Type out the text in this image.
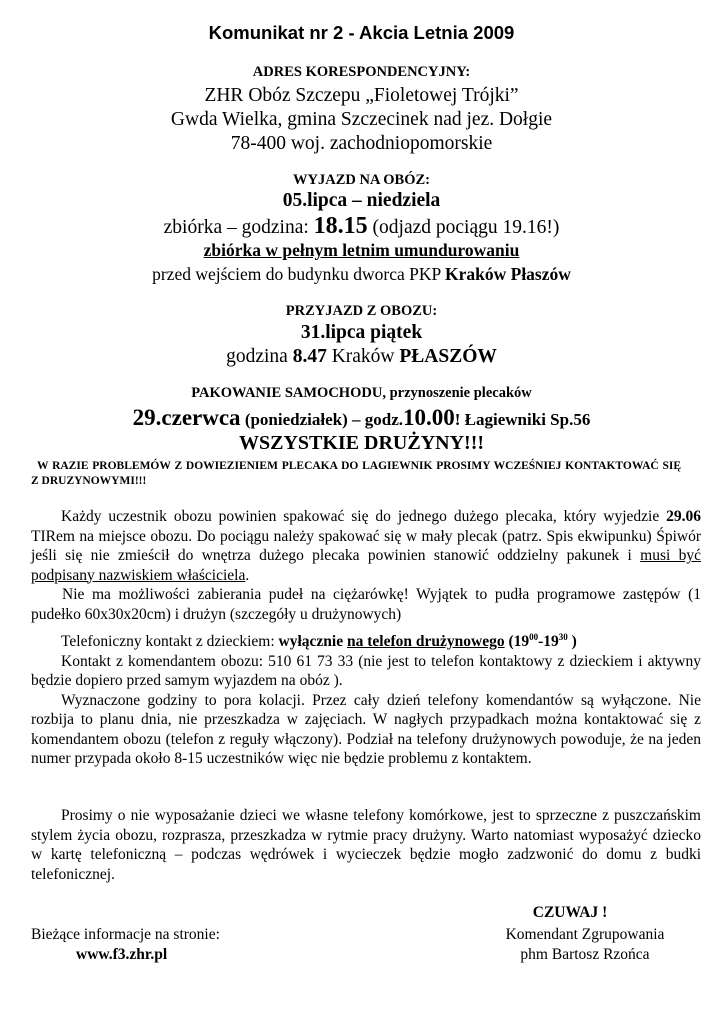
Komunikat nr 2 - Akcia Letnia 2009
ADRES KORESPONDENCYJNY:
ZHR Obóz Szczepu „Fioletowej Trójki”
Gwda Wielka, gmina Szczecinek nad jez. Dołgie
78-400 woj. zachodniopomorskie
WYJAZD NA OBÓZ:
05.lipca – niedziela
zbiórka – godzina: 18.15 (odjazd pociągu 19.16!)
zbiórka w pełnym letnim umundurowaniu
przed wejściem do budynku dworca PKP Kraków Płaszów
PRZYJAZD Z OBOZU:
31.lipca piątek
godzina 8.47 Kraków PŁASZÓW
PAKOWANIE SAMOCHODU, przynoszenie plecaków
29.czerwca (poniedziałek) – godz.10.00! Łagiewniki Sp.56
WSZYSTKIE DRUŻYNY!!!
W RAZIE PROBLEMÓW Z DOWIEZIENIEM PLECAKA DO LAGIEWNIK PROSIMY WCZEŚNIEJ KONTAKTOWAĆ SIĘ Z DRUZYNOWYMI!!!

Każdy uczestnik obozu powinien spakować się do jednego dużego plecaka, który wyjedzie 29.06 TIRem na miejsce obozu. Do pociągu należy spakować się w mały plecak (patrz. Spis ekwipunku) Śpiwór jeśli się nie zmieścił do wnętrza dużego plecaka powinien stanowić oddzielny pakunek i musi być podpisany nazwiskiem właściciela.

Nie ma możliwości zabierania pudeł na ciężarówkę! Wyjątek to pudła programowe zastępów (1 pudełko 60x30x20cm) i drużyn (szczegóły u drużynowych)

Telefoniczny kontakt z dzieckiem: wyłącznie na telefon drużynowego ($19^{00}-19^{30}$ )

Kontakt z komendantem obozu: 510 61 73 33 (nie jest to telefon kontaktowy z dzieckiem i aktywny będzie dopiero przed samym wyjazdem na obóz ).

Wyznaczone godziny to pora kolacji. Przez cały dzień telefony komendantów są wyłączone. Nie rozbija to planu dnia, nie przeszkadza w zajęciach. W nagłych przypadkach można kontaktować się z komendantem obozu (telefon z reguły włączony). Podział na telefony drużynowych powoduje, że na jeden numer przypada około 8-15 uczestników więc nie będzie problemu z kontaktem.

Prosimy o nie wyposażanie dzieci we własne telefony komórkowe, jest to sprzeczne z puszczańskim stylem życia obozu, rozprasza, przeszkadza w rytmie pracy drużyny. Warto natomiast wyposażyć dziecko w kartę telefoniczną – podczas wędrówek i wycieczek będzie mogło zadzwonić do domu z budki telefonicznej.

CZUWAJ !
Bieżące informacje na stronie:
www.f3.zhr.pl
Komendant Zgrupowania
phm Bartosz Rzońca
